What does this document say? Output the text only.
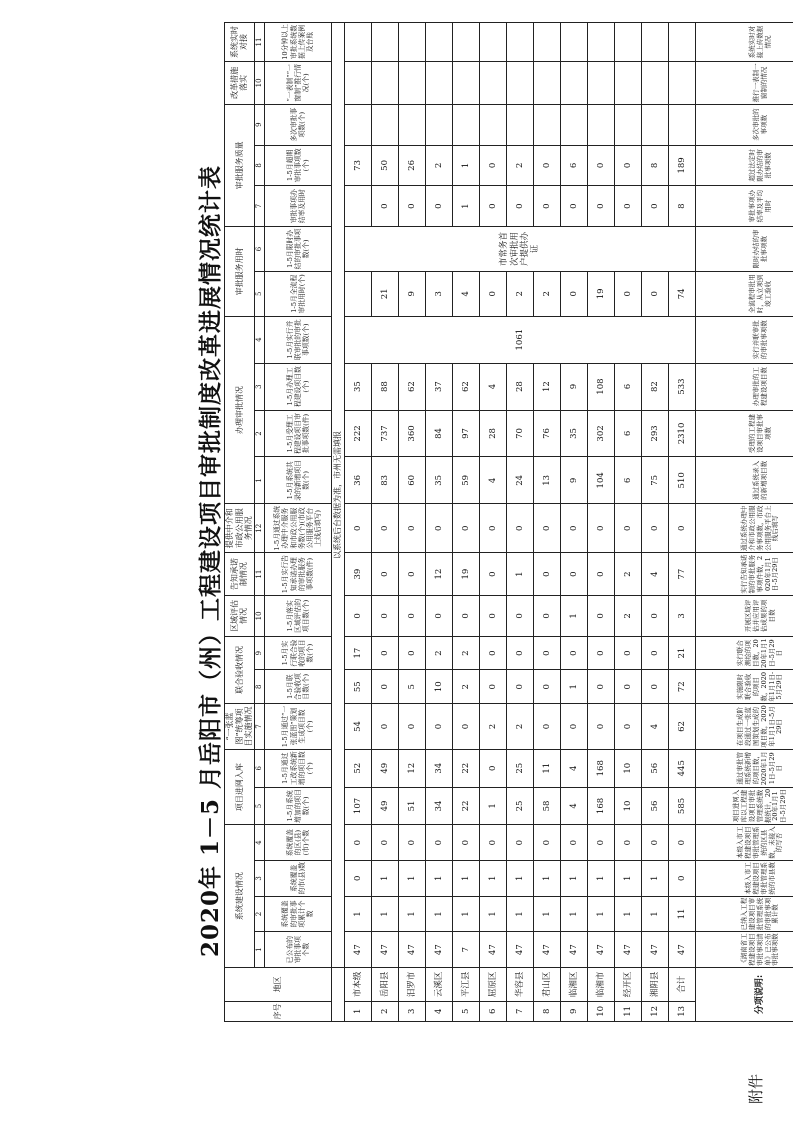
附件
2020年 1－5 月岳阳市（州）工程建设项目审批制度改革进展情况统计表
序号	地区	系统建设情况				项目进网入库		“一张蓝图”统筹项目实施情况	联合验收情况		区域评估情况	告知承诺制情况	提供中介和市政公用服务情况	办理审批情况				审批服务用时		审批服务质量			改革措施落实	系统实时对接

		1	2	3	4	5	6	7	8	9	10	11	12	1	2	3	4	5	6	7	8	9	10	11
		已公布的审批事项个数	系统覆盖的审批事项累计个数	系统覆盖的市(县)数	系统覆盖的区(县)(市)个数	1-5月系统增加的项目数(个)	1-5月通过工改系统新增的项目数(个)	1-5月通过“一张蓝图”策划生成项目数(个)	1-5月联合验收项目数(个)	1-5月实行联合验收的项目数(个)	1-5月落实区域评估的项目数(个)	1-5月实行告知承诺办理的审批服务事项数(件)	1-5月通过系统办理中介服务和市政公用服务数(个)(市政公用服务平台上线后填写)	1-5月系统共录的新增项目数(个)	1-5月受理工程建设项目审批事项数(件)	1-5月办理工程建设项目数(个)	1-5月实行并联审批的审批事项数(个)	1-5月全流程审批用时(个)	1-5月限时办结的审批事项数(个)	审批事项办结率及用时	1-5月超期审批事项数(个)	多次审批事项数(个)	“一表制”“一窗制”推行情况(个)	10分钟以上审批系统数据上传案例及台账
		以系统后台数据为准，市州无需填报																						
1	市本级	47	1	0	0	107	52	54	55	17	0	39	0	36	222	35	1061		市常务首次审批用户提供办证		73			
2	岳阳县	47	1	1	0	49	49	0	0	0	0	0	0	83	737	88		21		0	50			
3	汨罗市	47	1	1	0	51	12	0	5	0	0	0	0	60	360	62		9		0	26			
4	云溪区	47	1	1	0	34	34	0	10	2	0	12	0	35	84	37		3		0	2			
5	平江县	7	1	1	0	22	22	0	2	2	0	19	0	59	97	62		4		1	1			
6	屈原区	47	1	1	0	1	0	2	0	0	0	0	0	4	28	4		0		0	0			
7	华容县	47	1	1	0	25	25	2	0	0	0	1	0	24	70	28		2		0	2			
8	君山区	47	1	1	0	58	11	0	0	0	0	0	0	13	76	12		2		0	0			
9	临湘区	47	1	1	0	4	4	0	1	0	1	0	0	9	35	9		0		0	6			
10	临湘市	47	1	1	0	168	168	0	0	0	0	0	0	104	302	108		19		0	0			
11	经开区	47	1	1	0	10	10	0	0	0	2	2	0	6	6	6		0		0	0			
12	湘阴县	47	1	1	0	56	56	4	0	0	0	4	0	75	293	82		0		0	8			
13	合计	47	11	0	0	585	445	62	72	21	3	77	0	510	2310	533		74		8	189			
分项说明:		《湖南省工程建设项目审批事项清单》已公布审批事项数	已纳入工程建设项目审批管理系统的审批事项累计数	本级入市工程建设项目审批管理系统的市县数	本级入市工程建设项目审批管理系统的区县数，未接入的写否	项目进网入库以工程建设项目审批管理系统数据统计，2020年1月1日-5月29日	通过审批管理系统新增的项目数，2020年1月1日-5月29日	在项目生成阶段通过一张蓝图策划生成的项目数，2020年1月1日-5月29日	实施限时联合验收的项目数，2020年1月1日-5月29日	实行联合测绘的项目数，2020年1月1日-5月29日	开展区域评估并应用评估成果的项目数	实行告知承诺制的审批服务事项件数，2020年1月1日-5月29日	通过系统办理中介和市政公用服务事项数，市政公用服务平台上线后填写	通过系统录入的新增项目数	受理的工程建设项目审批事项数	办理审批的工程建设项目数	实行并联审批的审批事项数	全流程审批用时，从立项到竣工验收	限时办结的审批事项数	审批事项办结率及平均用时	超过法定时限办结的审批事项数	多次审批的事项数	推行一表制一窗制的情况	系统实时对接上传数据情况
